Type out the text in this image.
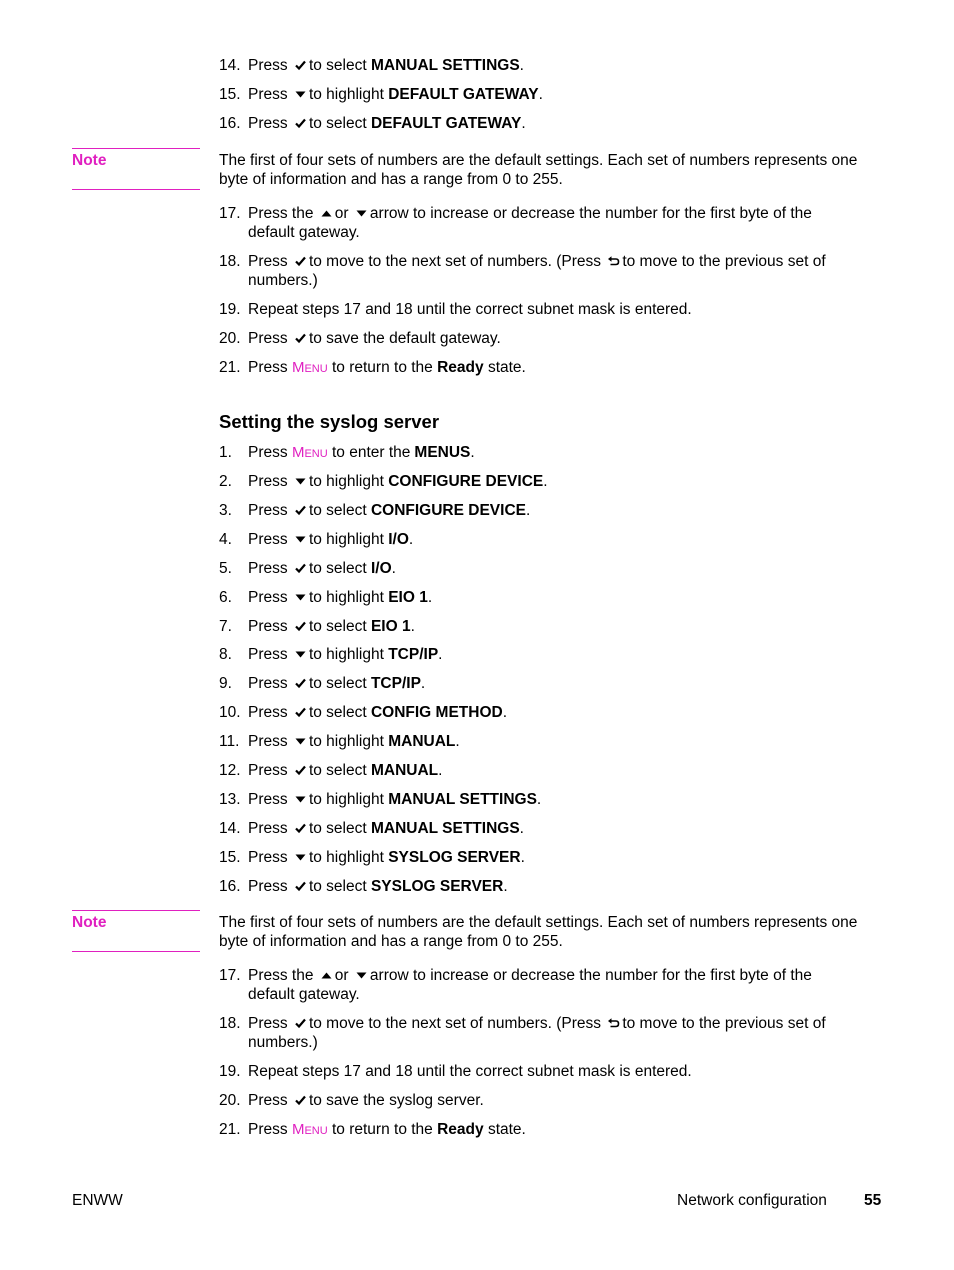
14. Press
to select MANUAL SETTINGS.
15. Press
to highlight DEFAULT GATEWAY.
16. Press
to select DEFAULT GATEWAY.
Note	The first of four sets of numbers are the default settings. Each set of numbers represents one byte of information and has a range from 0 to 255.
17. Press the or arrow to increase or decrease the number for the first byte of the
default gateway.
18. Press to move to the next set of numbers. (Press to move to the previous set of
numbers.)
19. Repeat steps 17 and 18 until the correct subnet mask is entered.
20. Press to save the default gateway.
21. Press MENU to return to the Ready state.
Setting the syslog server
1. Press MENU to enter the MENUS.
2. Press
to highlight CONFIGURE DEVICE.
3. Press
to select CONFIGURE DEVICE.
4. Press
to highlight I/O.
5. Press
to select I/O.
6. Press
to highlight EIO 1.
7. Press
to select EIO 1.
8. Press
to highlight TCP/IP.
9. Press
to select TCP/IP.
10. Press
to select CONFIG METHOD.
11. Press
to highlight MANUAL.
12. Press
to select MANUAL.
13. Press
to highlight MANUAL SETTINGS.
14. Press
to select MANUAL SETTINGS.
15. Press
to highlight SYSLOG SERVER.
16. Press
to select SYSLOG SERVER.
Note	The first of four sets of numbers are the default settings. Each set of numbers represents one byte of information and has a range from 0 to 255.
17. Press the or arrow to increase or decrease the number for the first byte of the
default gateway.
18. Press to move to the next set of numbers. (Press to move to the previous set of
numbers.)
19. Repeat steps 17 and 18 until the correct subnet mask is entered.
20. Press to save the syslog server.
21. Press MENU to return to the Ready state.
ENWW	Network configuration 55
